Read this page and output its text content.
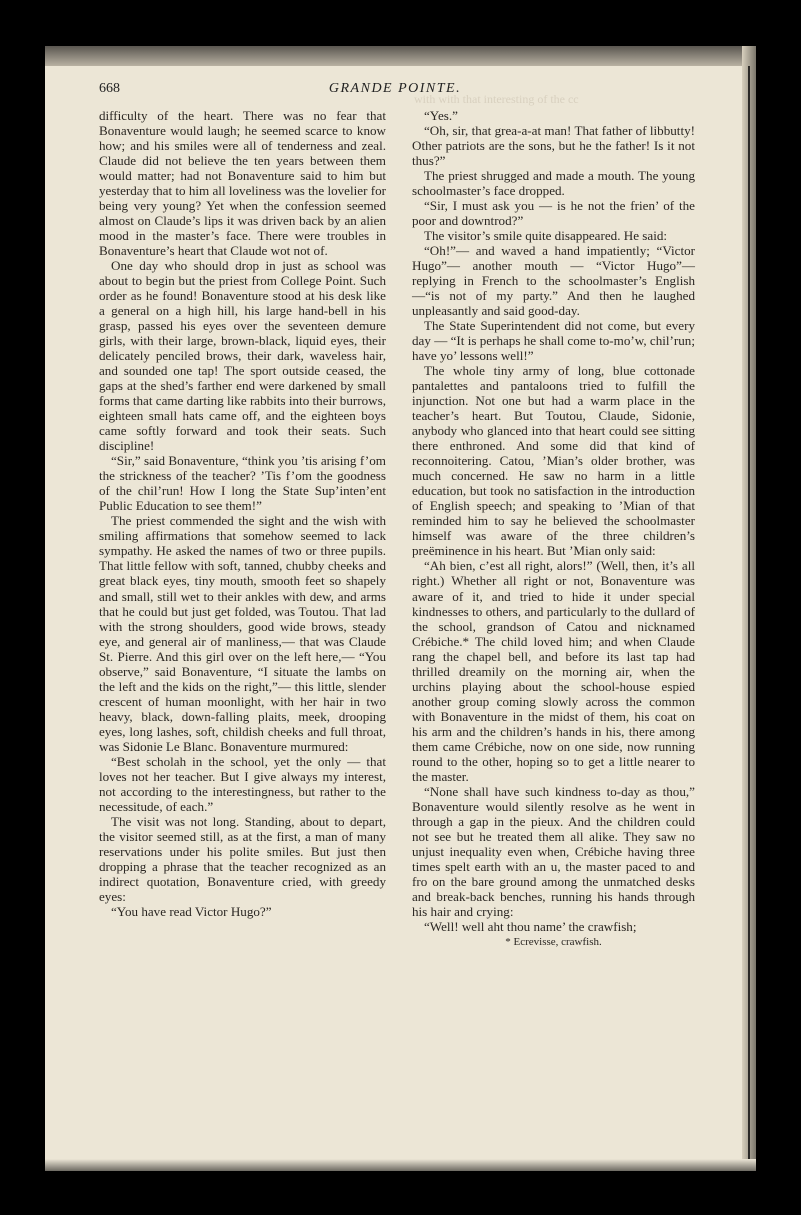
with with that interesting of the cc
668	GRANDE POINTE.

difficulty of the heart. There was no fear that Bonaventure would laugh; he seemed scarce to know how; and his smiles were all of tenderness and zeal. Claude did not believe the ten years between them would matter; had not Bonaventure said to him but yesterday that to him all loveliness was the lovelier for being very young? Yet when the confession seemed almost on Claude’s lips it was driven back by an alien mood in the master’s face. There were troubles in Bonaventure’s heart that Claude wot not of.

One day who should drop in just as school was about to begin but the priest from College Point. Such order as he found! Bonaventure stood at his desk like a general on a high hill, his large hand-bell in his grasp, passed his eyes over the seventeen demure girls, with their large, brown-black, liquid eyes, their delicately penciled brows, their dark, waveless hair, and sounded one tap! The sport outside ceased, the gaps at the shed’s farther end were darkened by small forms that came darting like rabbits into their burrows, eighteen small hats came off, and the eighteen boys came softly forward and took their seats. Such discipline!

“Sir,” said Bonaventure, “think you ’tis arising f’om the strickness of the teacher? ’Tis f’om the goodness of the chil’run! How I long the State Sup’inten’ent Public Education to see them!”

The priest commended the sight and the wish with smiling affirmations that somehow seemed to lack sympathy. He asked the names of two or three pupils. That little fellow with soft, tanned, chubby cheeks and great black eyes, tiny mouth, smooth feet so shapely and small, still wet to their ankles with dew, and arms that he could but just get folded, was Toutou. That lad with the strong shoulders, good wide brows, steady eye, and general air of manliness,— that was Claude St. Pierre. And this girl over on the left here,— “You observe,” said Bonaventure, “I situate the lambs on the left and the kids on the right,”— this little, slender crescent of human moonlight, with her hair in two heavy, black, down-falling plaits, meek, drooping eyes, long lashes, soft, childish cheeks and full throat, was Sidonie Le Blanc. Bonaventure murmured:

“Best scholah in the school, yet the only — that loves not her teacher. But I give always my interest, not according to the interestingness, but rather to the necessitude, of each.”

The visit was not long. Standing, about to depart, the visitor seemed still, as at the first, a man of many reservations under his polite smiles. But just then dropping a phrase that the teacher recognized as an indirect quotation, Bonaventure cried, with greedy eyes:

“You have read Victor Hugo?”

“Yes.”

“Oh, sir, that grea-a-at man! That father of libbutty! Other patriots are the sons, but he the father! Is it not thus?”

The priest shrugged and made a mouth. The young schoolmaster’s face dropped.

“Sir, I must ask you — is he not the frien’ of the poor and downtrod?”

The visitor’s smile quite disappeared. He said:

“Oh!”— and waved a hand impatiently; “Victor Hugo”— another mouth — “Victor Hugo”— replying in French to the schoolmaster’s English —“is not of my party.” And then he laughed unpleasantly and said good-day.

The State Superintendent did not come, but every day — “It is perhaps he shall come to-mo’w, chil’run; have yo’ lessons well!”

The whole tiny army of long, blue cottonade pantalettes and pantaloons tried to fulfill the injunction. Not one but had a warm place in the teacher’s heart. But Toutou, Claude, Sidonie, anybody who glanced into that heart could see sitting there enthroned. And some did that kind of reconnoitering. Catou, ’Mian’s older brother, was much concerned. He saw no harm in a little education, but took no satisfaction in the introduction of English speech; and speaking to ’Mian of that reminded him to say he believed the schoolmaster himself was aware of the three children’s preëminence in his heart. But ’Mian only said:

“Ah bien, c’est all right, alors!” (Well, then, it’s all right.) Whether all right or not, Bonaventure was aware of it, and tried to hide it under special kindnesses to others, and particularly to the dullard of the school, grandson of Catou and nicknamed Crébiche.* The child loved him; and when Claude rang the chapel bell, and before its last tap had thrilled dreamily on the morning air, when the urchins playing about the school-house espied another group coming slowly across the common with Bonaventure in the midst of them, his coat on his arm and the children’s hands in his, there among them came Crébiche, now on one side, now running round to the other, hoping so to get a little nearer to the master.

“None shall have such kindness to-day as thou,” Bonaventure would silently resolve as he went in through a gap in the pieux. And the children could not see but he treated them all alike. They saw no unjust inequality even when, Crébiche having three times spelt earth with an u, the master paced to and fro on the bare ground among the unmatched desks and break-back benches, running his hands through his hair and crying:

“Well! well aht thou name’ the crawfish;

* Ecrevisse, crawfish.
